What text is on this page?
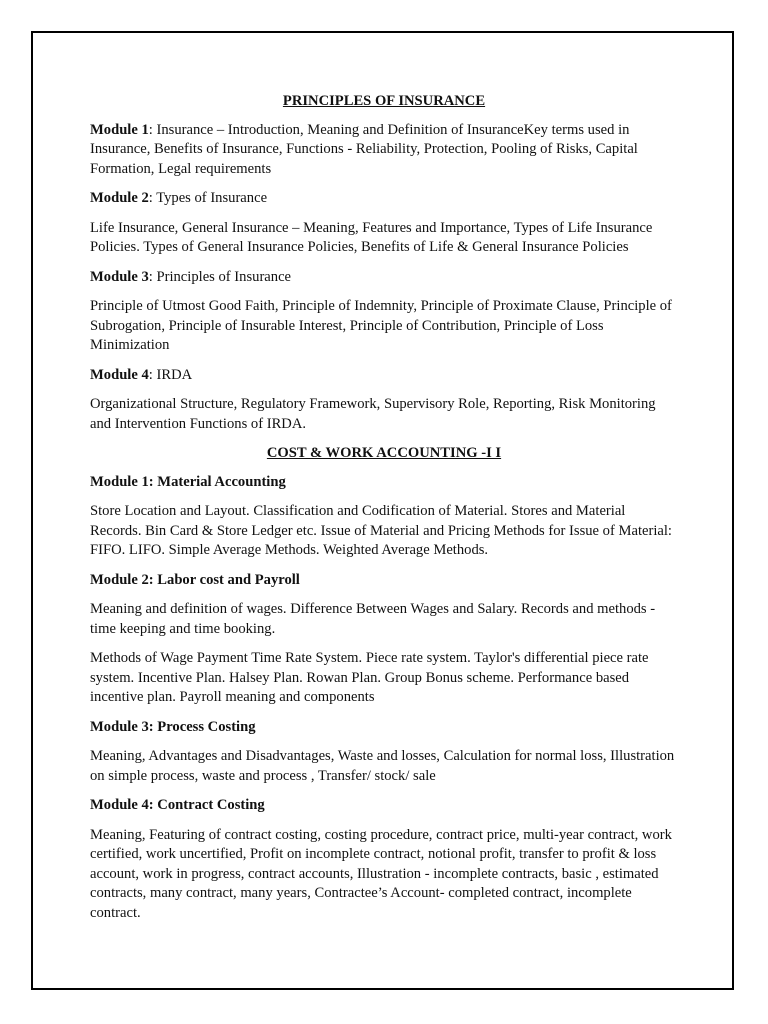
PRINCIPLES OF INSURANCE

Module 1: Insurance – Introduction, Meaning and Definition of InsuranceKey terms used in Insurance, Benefits of Insurance, Functions - Reliability, Protection, Pooling of Risks, Capital Formation, Legal requirements

Module 2: Types of Insurance

Life Insurance, General Insurance – Meaning, Features and Importance, Types of Life Insurance Policies. Types of General Insurance Policies, Benefits of Life & General Insurance Policies

Module 3: Principles of Insurance

Principle of Utmost Good Faith, Principle of Indemnity, Principle of Proximate Clause, Principle of Subrogation, Principle of Insurable Interest, Principle of Contribution, Principle of Loss Minimization

Module 4: IRDA

Organizational Structure, Regulatory Framework, Supervisory Role, Reporting, Risk Monitoring and Intervention Functions of IRDA.

COST & WORK ACCOUNTING -I I

Module 1: Material Accounting

Store Location and Layout. Classification and Codification of Material. Stores and Material Records. Bin Card & Store Ledger etc. Issue of Material and Pricing Methods for Issue of Material: FIFO. LIFO. Simple Average Methods. Weighted Average Methods.

Module 2: Labor cost and Payroll

Meaning and definition of wages. Difference Between Wages and Salary. Records and methods - time keeping and time booking.

Methods of Wage Payment Time Rate System. Piece rate system. Taylor's differential piece rate system. Incentive Plan. Halsey Plan. Rowan Plan. Group Bonus scheme. Performance based incentive plan. Payroll meaning and components

Module 3: Process Costing

Meaning, Advantages and Disadvantages, Waste and losses, Calculation for normal loss, Illustration on simple process, waste and process , Transfer/ stock/ sale

Module 4: Contract Costing

Meaning, Featuring of contract costing, costing procedure, contract price, multi-year contract, work certified, work uncertified, Profit on incomplete contract, notional profit, transfer to profit & loss account, work in progress, contract accounts, Illustration - incomplete contracts, basic , estimated contracts, many contract, many years, Contractee’s Account- completed contract, incomplete contract.
